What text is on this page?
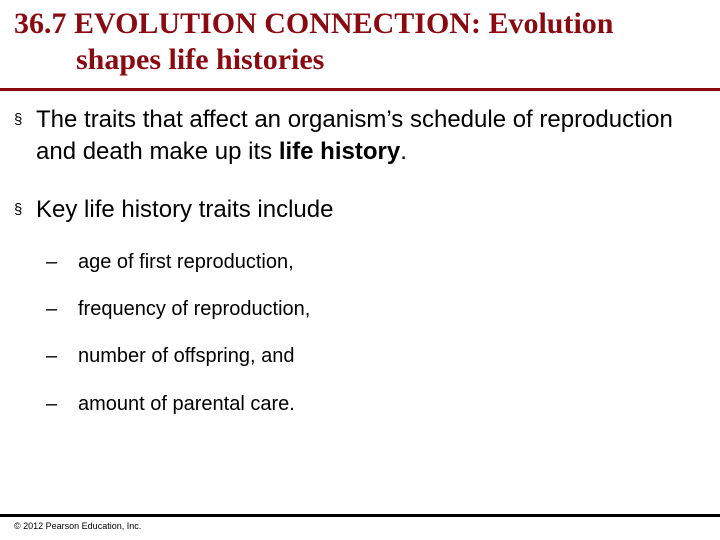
36.7 EVOLUTION CONNECTION: Evolution
shapes life histories
§ The traits that affect an organism’s schedule of reproduction and death make up its life history.
§ Key life history traits include
–	age of first reproduction,
–	frequency of reproduction,
–	number of offspring, and
–	amount of parental care.
© 2012 Pearson Education, Inc.
